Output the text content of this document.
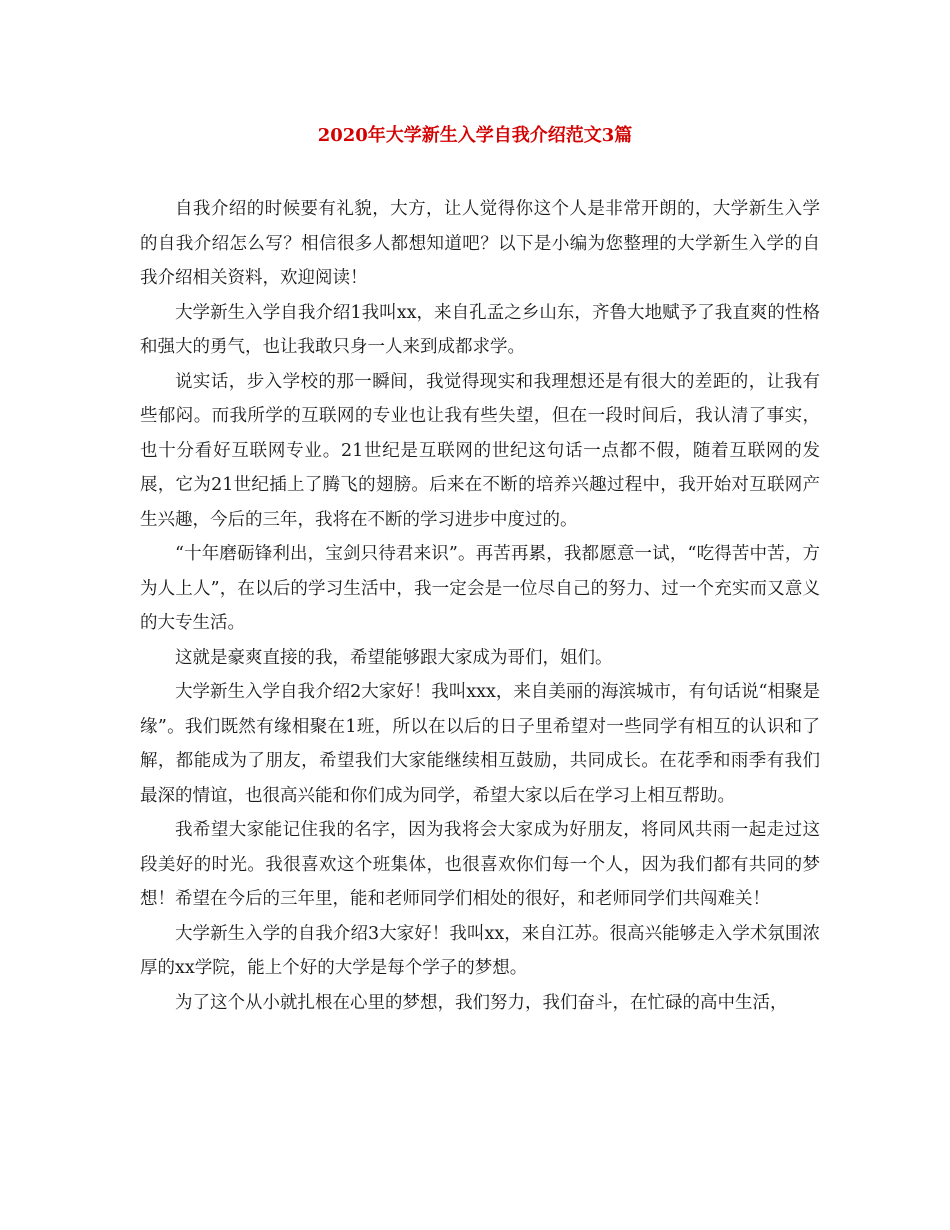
2020年大学新生入学自我介绍范文3篇

自我介绍的时候要有礼貌，大方，让人觉得你这个人是非常开朗的，大学新生入学的自我介绍怎么写？相信很多人都想知道吧？以下是小编为您整理的大学新生入学的自我介绍相关资料，欢迎阅读！

大学新生入学自我介绍1我叫xx，来自孔孟之乡山东，齐鲁大地赋予了我直爽的性格和强大的勇气，也让我敢只身一人来到成都求学。

说实话，步入学校的那一瞬间，我觉得现实和我理想还是有很大的差距的，让我有些郁闷。而我所学的互联网的专业也让我有些失望，但在一段时间后，我认清了事实，也十分看好互联网专业。21世纪是互联网的世纪这句话一点都不假，随着互联网的发展，它为21世纪插上了腾飞的翅膀。后来在不断的培养兴趣过程中，我开始对互联网产生兴趣，今后的三年，我将在不断的学习进步中度过的。

“十年磨砺锋利出，宝剑只待君来识”。再苦再累，我都愿意一试，“吃得苦中苦，方为人上人”，在以后的学习生活中，我一定会是一位尽自己的努力、过一个充实而又意义的大专生活。

这就是豪爽直接的我，希望能够跟大家成为哥们，姐们。

大学新生入学自我介绍2大家好！我叫xxx，来自美丽的海滨城市，有句话说“相聚是缘”。我们既然有缘相聚在1班，所以在以后的日子里希望对一些同学有相互的认识和了解，都能成为了朋友，希望我们大家能继续相互鼓励，共同成长。在花季和雨季有我们最深的情谊，也很高兴能和你们成为同学，希望大家以后在学习上相互帮助。

我希望大家能记住我的名字，因为我将会大家成为好朋友，将同风共雨一起走过这段美好的时光。我很喜欢这个班集体，也很喜欢你们每一个人，因为我们都有共同的梦想！希望在今后的三年里，能和老师同学们相处的很好，和老师同学们共闯难关！

大学新生入学的自我介绍3大家好！我叫xx，来自江苏。很高兴能够走入学术氛围浓厚的xx学院，能上个好的大学是每个学子的梦想。

为了这个从小就扎根在心里的梦想，我们努力，我们奋斗，在忙碌的高中生活，
